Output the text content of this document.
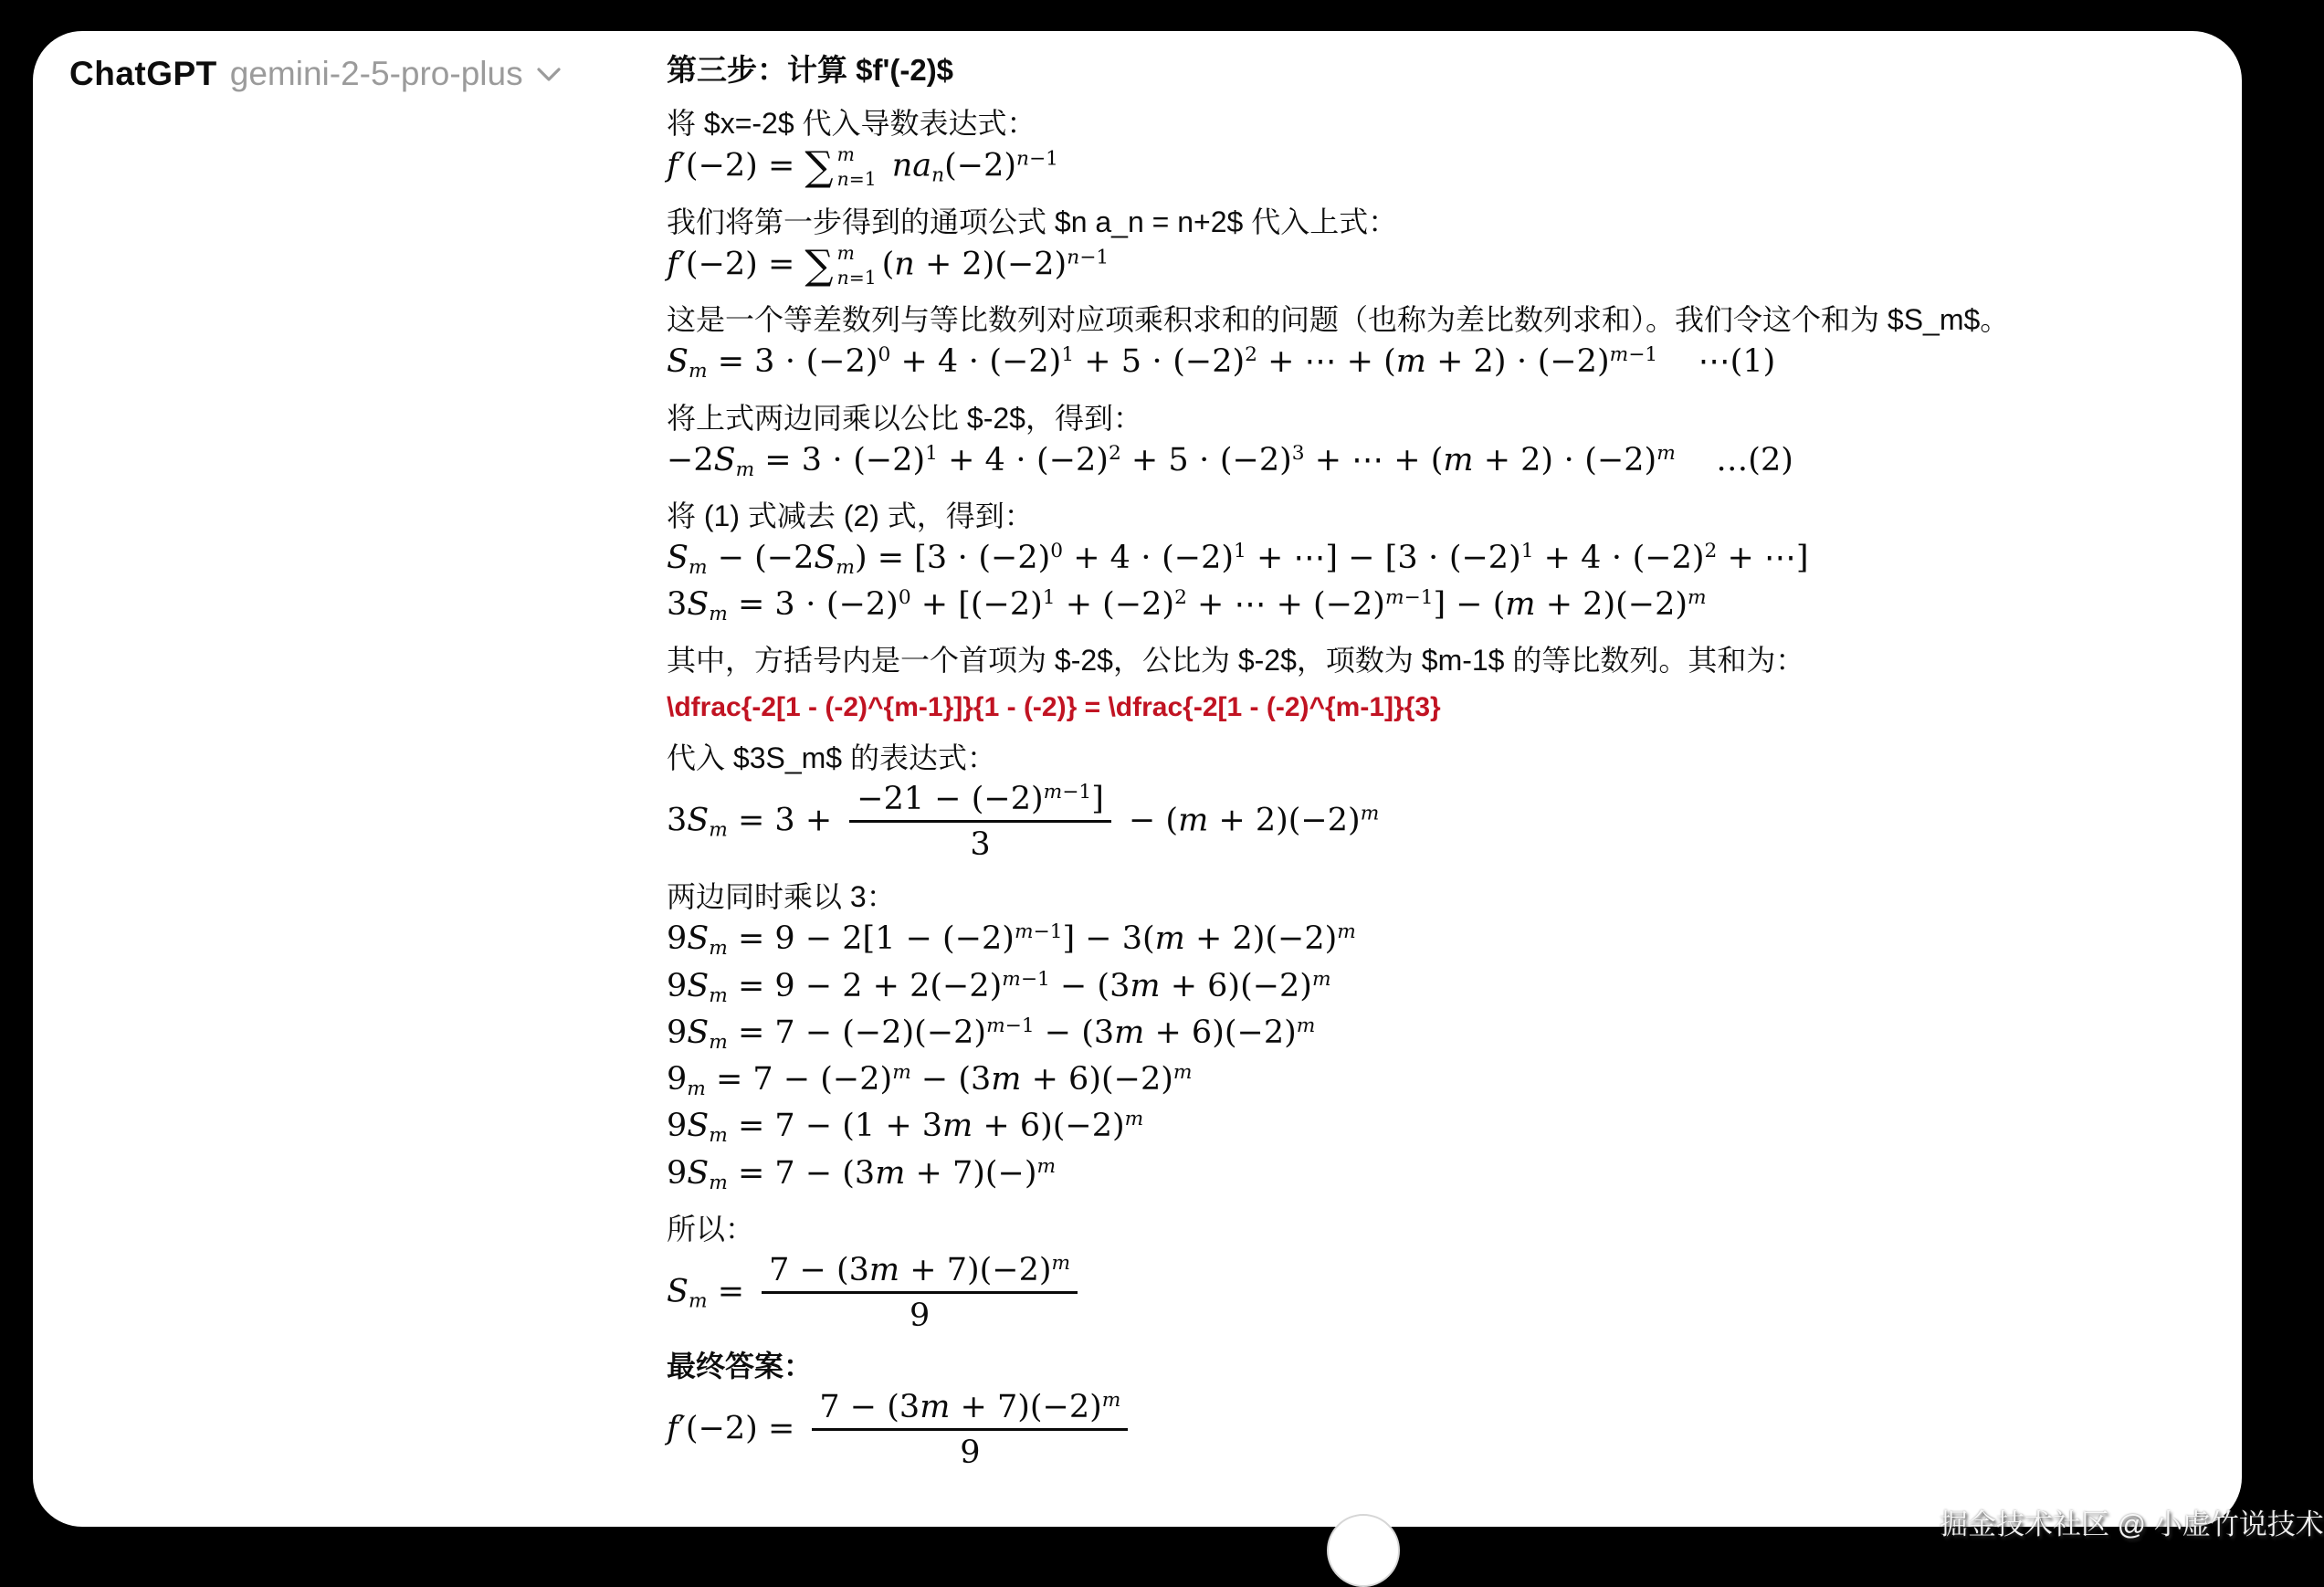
ChatGPT gemini-2-5-pro-plus	第三步：计算 $f'(-2)$
将 $x=-2$ 代入导数表达式：
f′(−2) = ∑ m
n=1 $nan(-2)^{n-1}$
我们将第一步得到的通项公式 $n a_n = n+2$ 代入上式：
f′(−2) = ∑ m
n=1 $(n + 2)(-2)^{n-1}$
这是一个等差数列与等比数列对应项乘积求和的问题（也称为差比数列求和）。我们令这个和为 $S_m$。
$Sm = 3 \cdot (-2)^0 + 4 \cdot (-2)^1 + 5 \cdot (-2)^2$ + ⋯ + $(m + 2) \cdot (-2)^{m-1}$    ⋯(1)
将上式两边同乘以公比 $-2$，得到：
$-2Sm = 3 \cdot (-2)^1 + 4 \cdot (-2)^2 + 5 \cdot (-2)^3$ + ⋯ + $(m + 2) \cdot (-2)^m$    …(2)
将 (1) 式减去 (2) 式，得到：
$Sm - (-2Sm) = [3 \cdot (-2)^0 + 4 \cdot (-2)^1$ + ⋯] − [$3 \cdot (-2)^1 + 4 \cdot (-2)^2$ + ⋯]
$3Sm = 3 \cdot (-2)^0 + [(-2)^1 + (-2)^2$ + ⋯ + $(-2)^{m-1}] - (m + 2)(-2)^m$
其中，方括号内是一个首项为 $-2$，公比为 $-2$，项数为 $m-1$ 的等比数列。其和为：
\dfrac{-2[1 - (-2)^{m-1}]}{1 - (-2)} = \dfrac{-2[1 - (-2)^{m-1]}{3}
代入 $3S_m$ 的表达式：
$3Sm = 3 + \frac{-21 - (-2)^{m-1}]}{3} - (m + 2)(-2)^m$
两边同时乘以 3：
$9Sm = 9 - 2[1 - (-2)^{m-1}] - 3(m + 2)(-2)^m$
$9Sm = 9 - 2 + 2(-2)^{m-1} - (3m + 6)(-2)^m$
$9Sm = 7 - (-2)(-2)^{m-1} - (3m + 6)(-2)^m$
$9m = 7 - (-2)^m - (3m + 6)(-2)^m$
$9Sm = 7 - (1 + 3m + 6)(-2)^m$
$9Sm = 7 - (3m + 7)(-)^m$
所以：
$Sm = \frac{7 - (3m + 7)(-2)^m}{9}$
最终答案：
$f'(-2) = \frac{7 - (3m + 7)(-2)^m}{9}$
掘金技术社区 @ 小虚竹说技术
